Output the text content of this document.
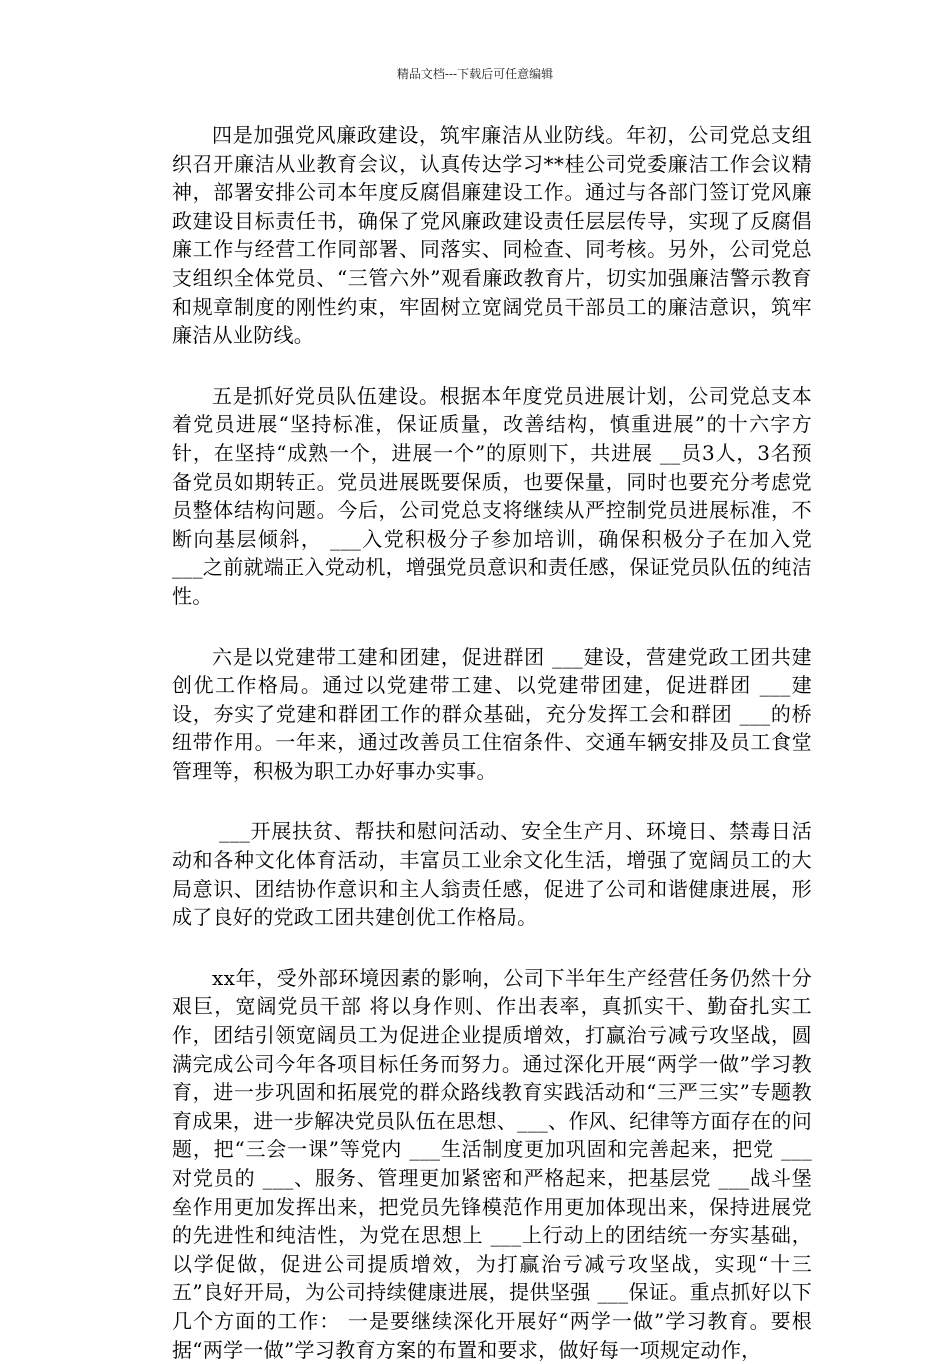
精品文档---下载后可任意编辑

四是加强党风廉政建设，筑牢廉洁从业防线。年初，公司党总支组织召开廉洁从业教育会议，认真传达学习**桂公司党委廉洁工作会议精神，部署安排公司本年度反腐倡廉建设工作。通过与各部门签订党风廉政建设目标责任书，确保了党风廉政建设责任层层传导，实现了反腐倡廉工作与经营工作同部署、同落实、同检查、同考核。另外，公司党总支组织全体党员、“三管六外”观看廉政教育片，切实加强廉洁警示教育和规章制度的刚性约束，牢固树立宽阔党员干部员工的廉洁意识，筑牢廉洁从业防线。

五是抓好党员队伍建设。根据本年度党员进展计划，公司党总支本着党员进展“坚持标准，保证质量，改善结构，慎重进展”的十六字方针，在坚持“成熟一个，进展一个”的原则下，共进展 __员3人，3名预备党员如期转正。党员进展既要保质，也要保量，同时也要充分考虑党员整体结构问题。今后，公司党总支将继续从严控制党员进展标准，不断向基层倾斜， ___入党积极分子参加培训，确保积极分子在加入党 ___之前就端正入党动机，增强党员意识和责任感，保证党员队伍的纯洁性。

六是以党建带工建和团建，促进群团 ___建设，营建党政工团共建创优工作格局。通过以党建带工建、以党建带团建，促进群团 ___建设，夯实了党建和群团工作的群众基础，充分发挥工会和群团 ___的桥纽带作用。一年来，通过改善员工住宿条件、交通车辆安排及员工食堂管理等，积极为职工办好事办实事。

___开展扶贫、帮扶和慰问活动、安全生产月、环境日、禁毒日活动和各种文化体育活动，丰富员工业余文化生活，增强了宽阔员工的大局意识、团结协作意识和主人翁责任感，促进了公司和谐健康进展，形成了良好的党政工团共建创优工作格局。

xx年，受外部环境因素的影响，公司下半年生产经营任务仍然十分艰巨，宽阔党员干部 将以身作则、作出表率，真抓实干、勤奋扎实工作，团结引领宽阔员工为促进企业提质增效，打赢治亏减亏攻坚战，圆满完成公司今年各项目标任务而努力。通过深化开展“两学一做”学习教育，进一步巩固和拓展党的群众路线教育实践活动和“三严三实”专题教育成果，进一步解决党员队伍在思想、___、作风、纪律等方面存在的问题，把“三会一课”等党内 ___生活制度更加巩固和完善起来，把党 ___对党员的 ___、服务、管理更加紧密和严格起来，把基层党 ___战斗堡垒作用更加发挥出来，把党员先锋模范作用更加体现出来，保持进展党的先进性和纯洁性，为党在思想上 ___上行动上的团结统一夯实基础，以学促做，促进公司提质增效，为打赢治亏减亏攻坚战，实现“十三五”良好开局，为公司持续健康进展，提供坚强 ___保证。重点抓好以下几个方面的工作： 一是要继续深化开展好“两学一做”学习教育。要根据“两学一做”学习教育方案的布置和要求，做好每一项规定动作，
